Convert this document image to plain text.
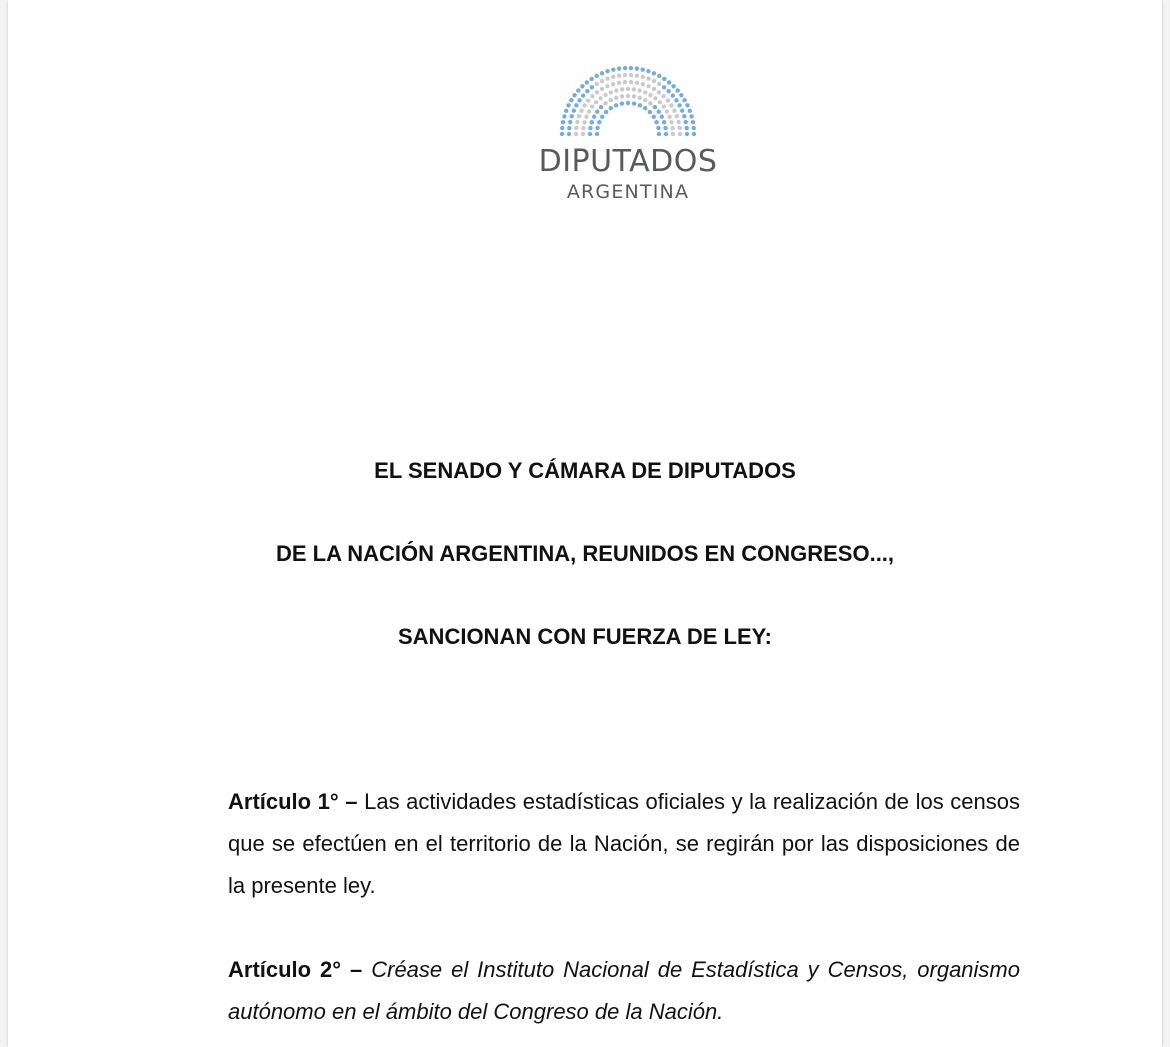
DIPUTADOS
ARGENTINA
EL SENADO Y CÁMARA DE DIPUTADOS
DE LA NACIÓN ARGENTINA, REUNIDOS EN CONGRESO...,
SANCIONAN CON FUERZA DE LEY:

Artículo 1° – Las actividades estadísticas oficiales y la realización de los censos que se efectúen en el territorio de la Nación, se regirán por las disposiciones de la presente ley.

Artículo 2° – Créase el Instituto Nacional de Estadística y Censos, organismo autónomo en el ámbito del Congreso de la Nación.
